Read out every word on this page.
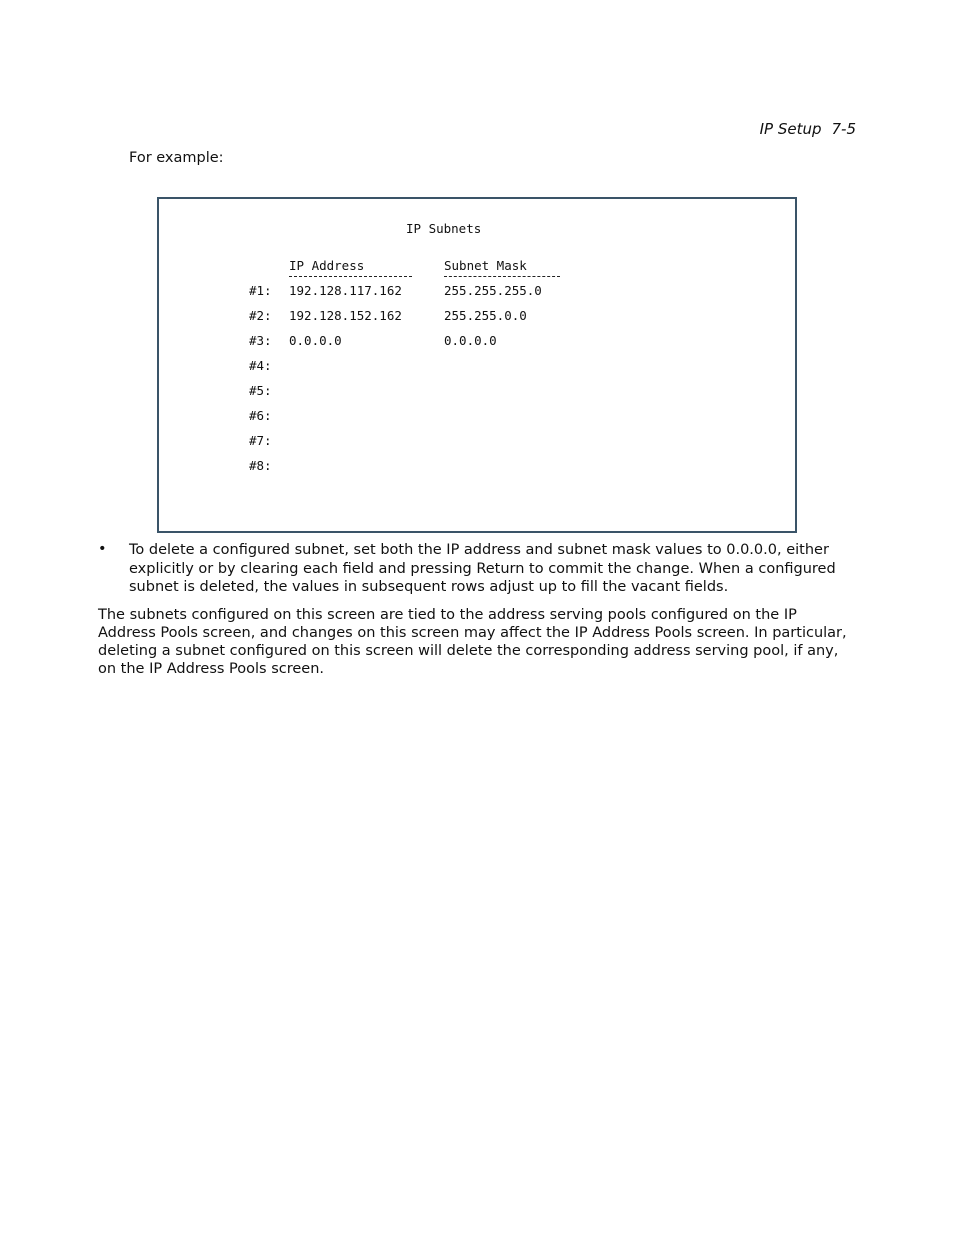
IP Setup 7-5
For example:
IP Subnets
IP Address	Subnet Mask
#1: 192.128.117.162	255.255.255.0
#2: 192.128.152.162	255.255.0.0
#3: 0.0.0.0	0.0.0.0
#4:
#5:
#6:
#7:
#8:
• To delete a configured subnet, set both the IP address and subnet mask values to 0.0.0.0, either explicitly or by clearing each field and pressing Return to commit the change. When a configured subnet is deleted, the values in subsequent rows adjust up to fill the vacant fields.
The subnets configured on this screen are tied to the address serving pools configured on the IP Address Pools screen, and changes on this screen may affect the IP Address Pools screen. In particular, deleting a subnet configured on this screen will delete the corresponding address serving pool, if any, on the IP Address Pools screen.
